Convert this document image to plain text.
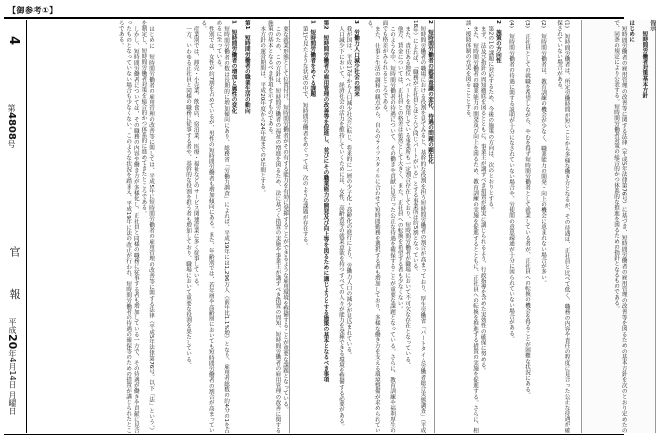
【御参考①】
4
第4808号
官 報
平成20年4月14日 月曜日
告示
短時間労働者対策基本方針
はじめに

短時間労働者の雇用管理の改善等に関する法律（平成5年法律第76号）に基づき、短時間労働者の雇用管理の改善等を図るための基本方針を次のとおり定めたので、同条の規定により公表する。短時間労働者対策の総合的かつ体系的な推進を図るための指針となるものである。

(1)　短時間労働者は、所定労働時間が短いことから多様な働き方となるが、その待遇は、正社員と比べて低く、職務の内容や責任の程度に見合った公正な待遇が確保されていない場合がある。

(2)　短時間労働者は、教育訓練の機会が少なく、職業能力の開発・向上の機会に恵まれない場合が多い。

(3)　正社員としての就職を希望しながら、やむを得ず短時間労働者として就業している者が、正社員への転換の機会を得ることが困難な状況にある。

(4)　短時間労働者の待遇に関する説明が十分になされていない場合や、労使間の意思疎通が十分に図られていない場合がある。

2　施策の方向性

第2の1の課題に対応するため、今後の施策の方向は、次のとおりとする。

まず、法及び指針の周知徹底を図るとともに、事業主が講ずべき措置が確実に講じられるよう、行政指導を含めた実効性の確保に努める。

また、短時間労働者の職業能力の開発及び向上を図るため、教育訓練の実施を促進するとともに、正社員への転換を推進する措置の実施を促進する。さらに、相談・援助体制の充実を図ることとする。

2　短時間労働者の就業意識の変化、待遇の問題の顕在化

短時間労働者の職場における役割を見てみると、基幹的な役割を担う短時間労働者の割合が高まっており、厚生労働省「パートタイム労働者総合実態調査」（平成18年）によれば、「職務が正社員とほとんど同じパートがいる」とする事業所は約5割となっている。

また、責任ある地位へパートを登用している事業所も一定割合存在しており、短時間労働者が職場において不可欠な存在となっている。

他方、賃金については、正社員との格差は依然として大きく、また、正社員への転換を希望する者も少なくない。

このような中、短時間労働者の待遇について、その働きや貢献に見合った公正な待遇を確保することが重要な課題となっている。さらに、教育訓練や福利厚生の面でも格差がみられるところである。

また、仕事と生活の調和の観点から、自らのライフスタイルに合わせて短時間勤務を選択する者も増加しており、多様な働き方を支える環境整備が求められている。

3　労働力人口減少社会の到来

我が国は、平成17年から人口減少社会に転じ、将来的に一層の少子化・高齢化の進行により、労働力人口の減少が見込まれている。

人口減少下において、経済社会の活力を維持していくためには、女性、高齢者等の就業意欲を持つすべての人々が能力を発揮できる環境を整備する必要がある。

第2　短時間労働者の雇用管理の改善等を促進し、並びにその職業能力の開発及び向上等を図るために講じようとする施策の基本となるべき事項
1　短時間労働者をめぐる課題

第1で見たような状況の中で、短時間労働者をめぐっては、次のような課題が存在する。

要な就業形態として位置付け、短時間労働者がその有する能力を有効に発揮することができるような雇用環境を整備することが重要な課題となっている。

このため、この方針は、短時間労働者の福祉の増進を図るため、法に基づく措置の実施や事業主が講ずべき措置の周知、短時間労働者の雇用管理の改善に関する施策の基本となるべき事項を示すものである。

本方針の運営期間は、平成20年度から24年度までの5年間とする。

第1　短時間労働者の職業生活の動向
1　短時間労働者の増加と属性の変化

短時間労働者の数は長期的に増加傾向にあり、総務省「労働力調査」によれば、平成19年には1,296万人（前年比1.1%増）となり、雇用者総数の約4分の1を占めるに至っている。

性別では、女性が約7割を占めているが、男性の短時間労働者も増加傾向にある。また、年齢別では、若年層や高齢層においても短時間労働者の割合が高まっている。

産業別では、卸売・小売業、飲食店、宿泊業、医療・福祉などのサービス関連産業に多く従事している。

一方、いわゆる正社員と同様の職務に従事する者や、基幹的な役割を担う者も増加しており、職場において重要な役割を果たしている。

はじめに　短時間労働者の雇用管理の改善等に関しては、平成5年に短時間労働者の雇用管理の改善等に関する法律（平成5年法律第76号。以下「法」という。）を制定し、短時間労働者対策を総合的かつ体系的に進めてきたところである。

しかし、短時間労働者については、その職務の内容や働き方が多様化し、正社員と同様の職務に従事する者も増加している一方で、その待遇が働きや貢献に見合ったものとなっていない場合も少なくない。このような状況を踏まえ、平成19年に法の改正が行われ、短時間労働者の待遇の確保等のための措置が講じられたところである。
